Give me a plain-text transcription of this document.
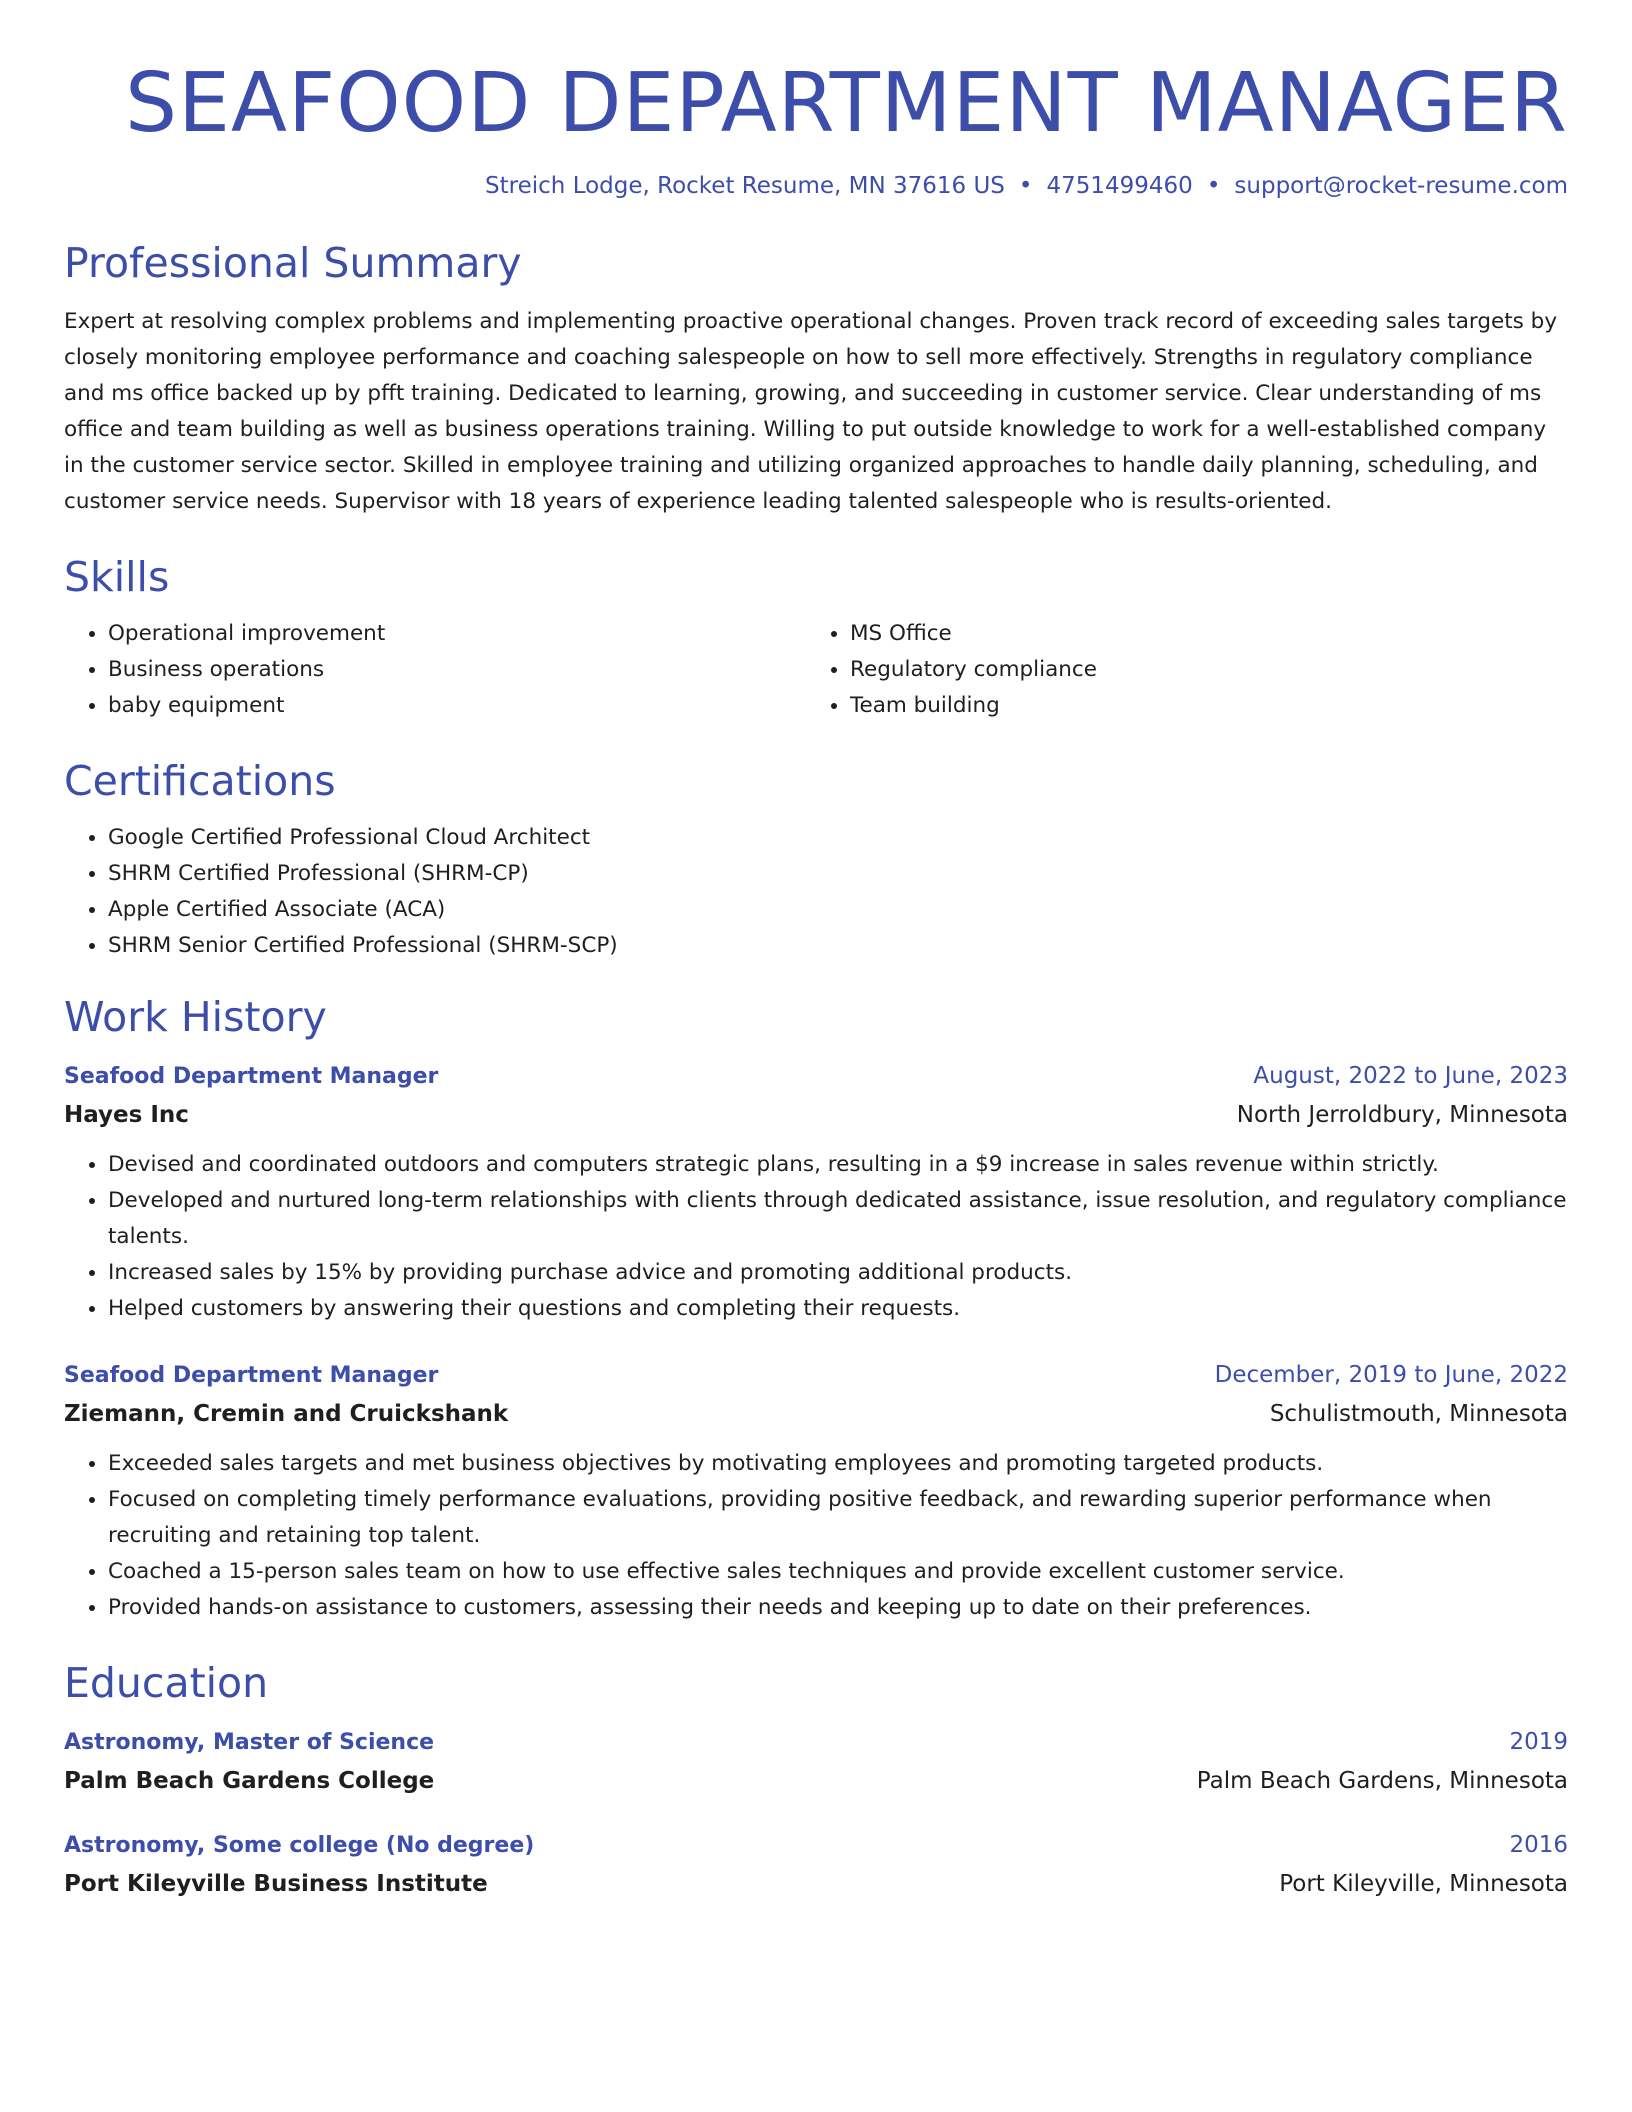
SEAFOOD DEPARTMENT MANAGER
Streich Lodge, Rocket Resume, MN 37616 US • 4751499460 • support@rocket-resume.com
Professional Summary

Expert at resolving complex problems and implementing proactive operational changes. Proven track record of exceeding sales targets by closely monitoring employee performance and coaching salespeople on how to sell more effectively. Strengths in regulatory compliance and ms office backed up by pfft training. Dedicated to learning, growing, and succeeding in customer service. Clear understanding of ms office and team building as well as business operations training. Willing to put outside knowledge to work for a well-established company in the customer service sector. Skilled in employee training and utilizing organized approaches to handle daily planning, scheduling, and customer service needs. Supervisor with 18 years of experience leading talented salespeople who is results-oriented.

Skills
• Operational improvement
• Business operations
• baby equipment
• MS Office
• Regulatory compliance
• Team building
Certifications
• Google Certified Professional Cloud Architect
• SHRM Certified Professional (SHRM-CP)
• Apple Certified Associate (ACA)
• SHRM Senior Certified Professional (SHRM-SCP)
Work History
Seafood Department Manager	August, 2022 to June, 2023
Hayes Inc	North Jerroldbury, Minnesota
• Devised and coordinated outdoors and computers strategic plans, resulting in a $9 increase in sales revenue within strictly.
• Developed and nurtured long-term relationships with clients through dedicated assistance, issue resolution, and regulatory compliance talents.
• Increased sales by 15% by providing purchase advice and promoting additional products.
• Helped customers by answering their questions and completing their requests.
Seafood Department Manager	December, 2019 to June, 2022
Ziemann, Cremin and Cruickshank	Schulistmouth, Minnesota
• Exceeded sales targets and met business objectives by motivating employees and promoting targeted products.
• Focused on completing timely performance evaluations, providing positive feedback, and rewarding superior performance when recruiting and retaining top talent.
• Coached a 15-person sales team on how to use effective sales techniques and provide excellent customer service.
• Provided hands-on assistance to customers, assessing their needs and keeping up to date on their preferences.
Education
Astronomy, Master of Science	2019
Palm Beach Gardens College	Palm Beach Gardens, Minnesota
Astronomy, Some college (No degree)	2016
Port Kileyville Business Institute	Port Kileyville, Minnesota
